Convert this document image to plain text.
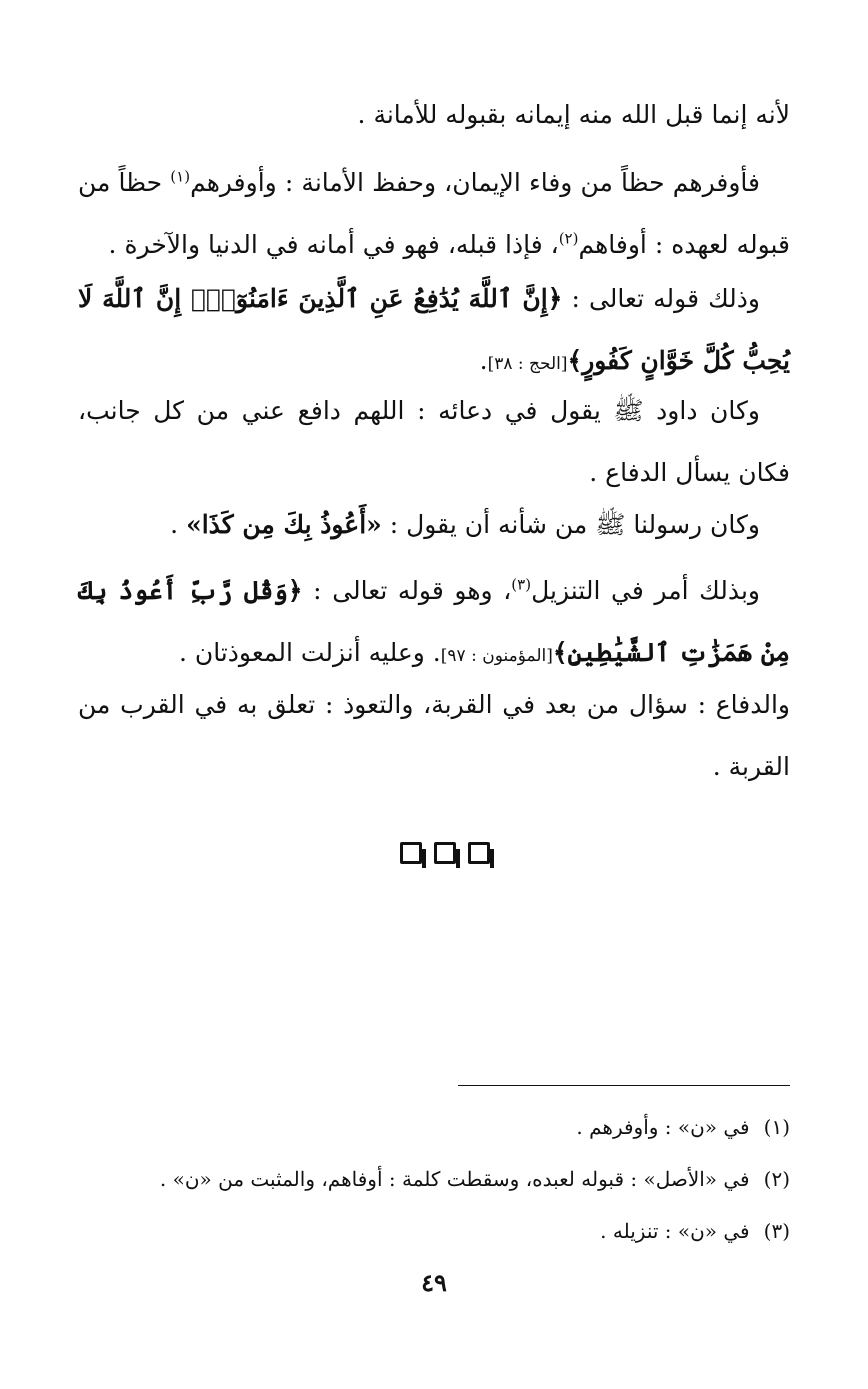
لأنه إنما قبل الله منه إيمانه بقبوله للأمانة .

فأوفرهم حظاً من وفاء الإيمان، وحفظ الأمانة : وأوفرهم$^{(١)}$ حظاً من قبوله لعهده : أوفاهم$^{(٢)}$، فإذا قبله، فهو في أمانه في الدنيا والآخرة .

وذلك قوله تعالى : ﴿إِنَّ ٱللَّهَ يُدَٰفِعُ عَنِ ٱلَّذِينَ ءَامَنُوٓاْۗ إِنَّ ٱللَّهَ لَا يُحِبُّ كُلَّ خَوَّانٍ كَفُورٍ﴾[الحج : ٣٨].

وكان داود ﷺ يقول في دعائه : اللهم دافع عني من كل جانب، فكان يسأل الدفاع .

وكان رسولنا ﷺ من شأنه أن يقول : «أَعُوذُ بِكَ مِن كَذَا» .

وبذلك أمر في التنزيل$^{(٣)}$، وهو قوله تعالى : ﴿وَقُل رَّبِّ أَعُوذُ بِكَ مِنْ هَمَزَٰتِ ٱلشَّيَٰطِينِ﴾[المؤمنون : ٩٧]. وعليه أنزلت المعوذتان .

والدفاع : سؤال من بعد في القربة، والتعوذ : تعلق به في القرب من القربة .

(١)في «ن» : وأوفرهم .
(٢)في «الأصل» : قبوله لعبده، وسقطت كلمة : أوفاهم، والمثبت من «ن» .
(٣)في «ن» : تنزيله .
٤٩
